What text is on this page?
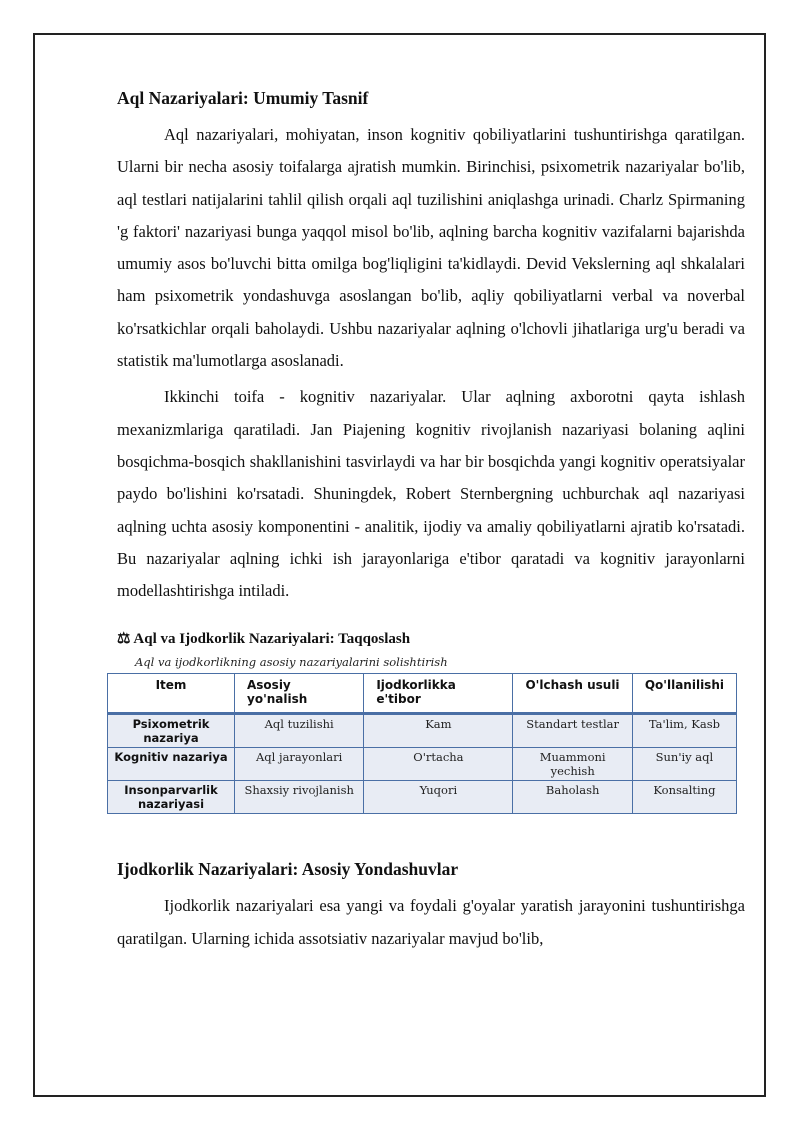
Aql Nazariyalari: Umumiy Tasnif

Aql nazariyalari, mohiyatan, inson kognitiv qobiliyatlarini tushuntirishga qaratilgan. Ularni bir necha asosiy toifalarga ajratish mumkin. Birinchisi, psixometrik nazariyalar bo'lib, aql testlari natijalarini tahlil qilish orqali aql tuzilishini aniqlashga urinadi. Charlz Spirmaning 'g faktori' nazariyasi bunga yaqqol misol bo'lib, aqlning barcha kognitiv vazifalarni bajarishda umumiy asos bo'luvchi bitta omilga bog'liqligini ta'kidlaydi. Devid Vekslerning aql shkalalari ham psixometrik yondashuvga asoslangan bo'lib, aqliy qobiliyatlarni verbal va noverbal ko'rsatkichlar orqali baholaydi. Ushbu nazariyalar aqlning o'lchovli jihatlariga urg'u beradi va statistik ma'lumotlarga asoslanadi.

Ikkinchi toifa - kognitiv nazariyalar. Ular aqlning axborotni qayta ishlash mexanizmlariga qaratiladi. Jan Piajening kognitiv rivojlanish nazariyasi bolaning aqlini bosqichma-bosqich shakllanishini tasvirlaydi va har bir bosqichda yangi kognitiv operatsiyalar paydo bo'lishini ko'rsatadi. Shuningdek, Robert Sternbergning uchburchak aql nazariyasi aqlning uchta asosiy komponentini - analitik, ijodiy va amaliy qobiliyatlarni ajratib ko'rsatadi. Bu nazariyalar aqlning ichki ish jarayonlariga e'tibor qaratadi va kognitiv jarayonlarni modellashtirishga intiladi.

⚖ Aql va Ijodkorlik Nazariyalari: Taqqoslash
Aql va ijodkorlikning asosiy nazariyalarini solishtirish
Item	Asosiy yo'nalish	Ijodkorlikka e'tibor	O'lchash usuli	Qo'llanilishi
Psixometrik nazariya	Aql tuzilishi	Kam	Standart testlar	Ta'lim, Kasb
Kognitiv nazariya	Aql jarayonlari	O'rtacha	Muammoni yechish	Sun'iy aql
Insonparvarlik nazariyasi	Shaxsiy rivojlanish	Yuqori	Baholash	Konsalting
Ijodkorlik Nazariyalari: Asosiy Yondashuvlar

Ijodkorlik nazariyalari esa yangi va foydali g'oyalar yaratish jarayonini tushuntirishga qaratilgan. Ularning ichida assotsiativ nazariyalar mavjud bo'lib,
